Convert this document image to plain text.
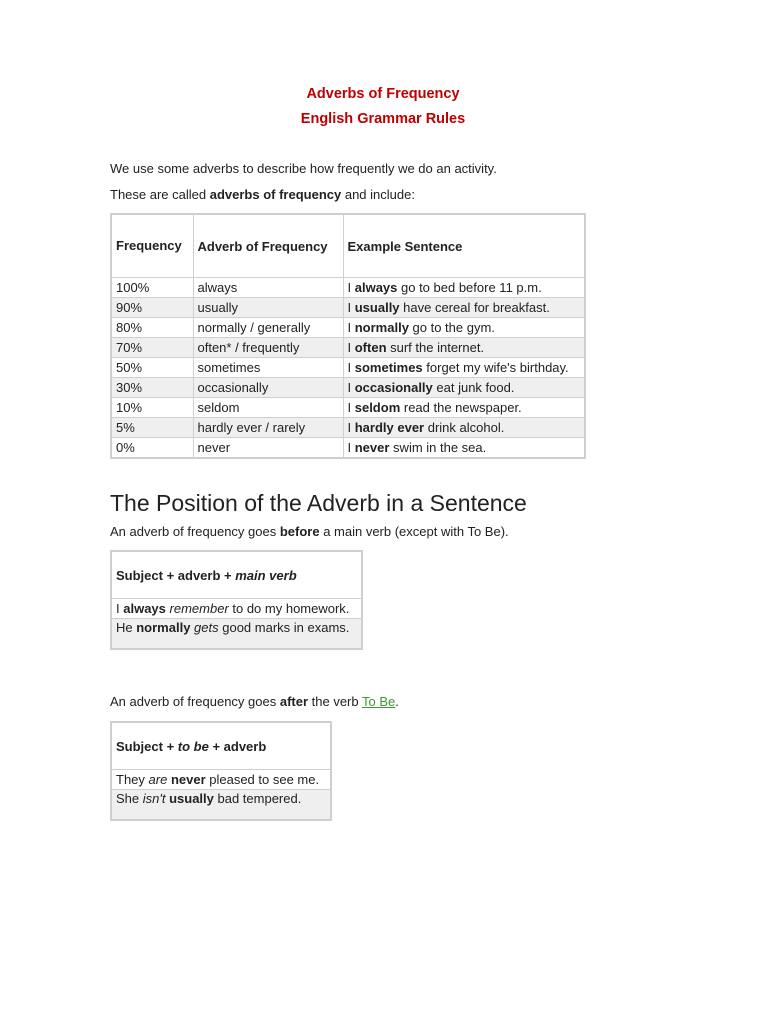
Adverbs of Frequency
English Grammar Rules
We use some adverbs to describe how frequently we do an activity.
These are called adverbs of frequency and include:
Frequency	Adverb of Frequency	Example Sentence
100%	always	I always go to bed before 11 p.m.
90%	usually	I usually have cereal for breakfast.
80%	normally / generally	I normally go to the gym.
70%	often* / frequently	I often surf the internet.
50%	sometimes	I sometimes forget my wife's birthday.
30%	occasionally	I occasionally eat junk food.
10%	seldom	I seldom read the newspaper.
5%	hardly ever / rarely	I hardly ever drink alcohol.
0%	never	I never swim in the sea.
The Position of the Adverb in a Sentence
An adverb of frequency goes before a main verb (except with To Be).
Subject + adverb + main verb
I always remember to do my homework.
He normally gets good marks in exams.
An adverb of frequency goes after the verb To Be.
Subject + to be + adverb
They are never pleased to see me.
She isn't usually bad tempered.
